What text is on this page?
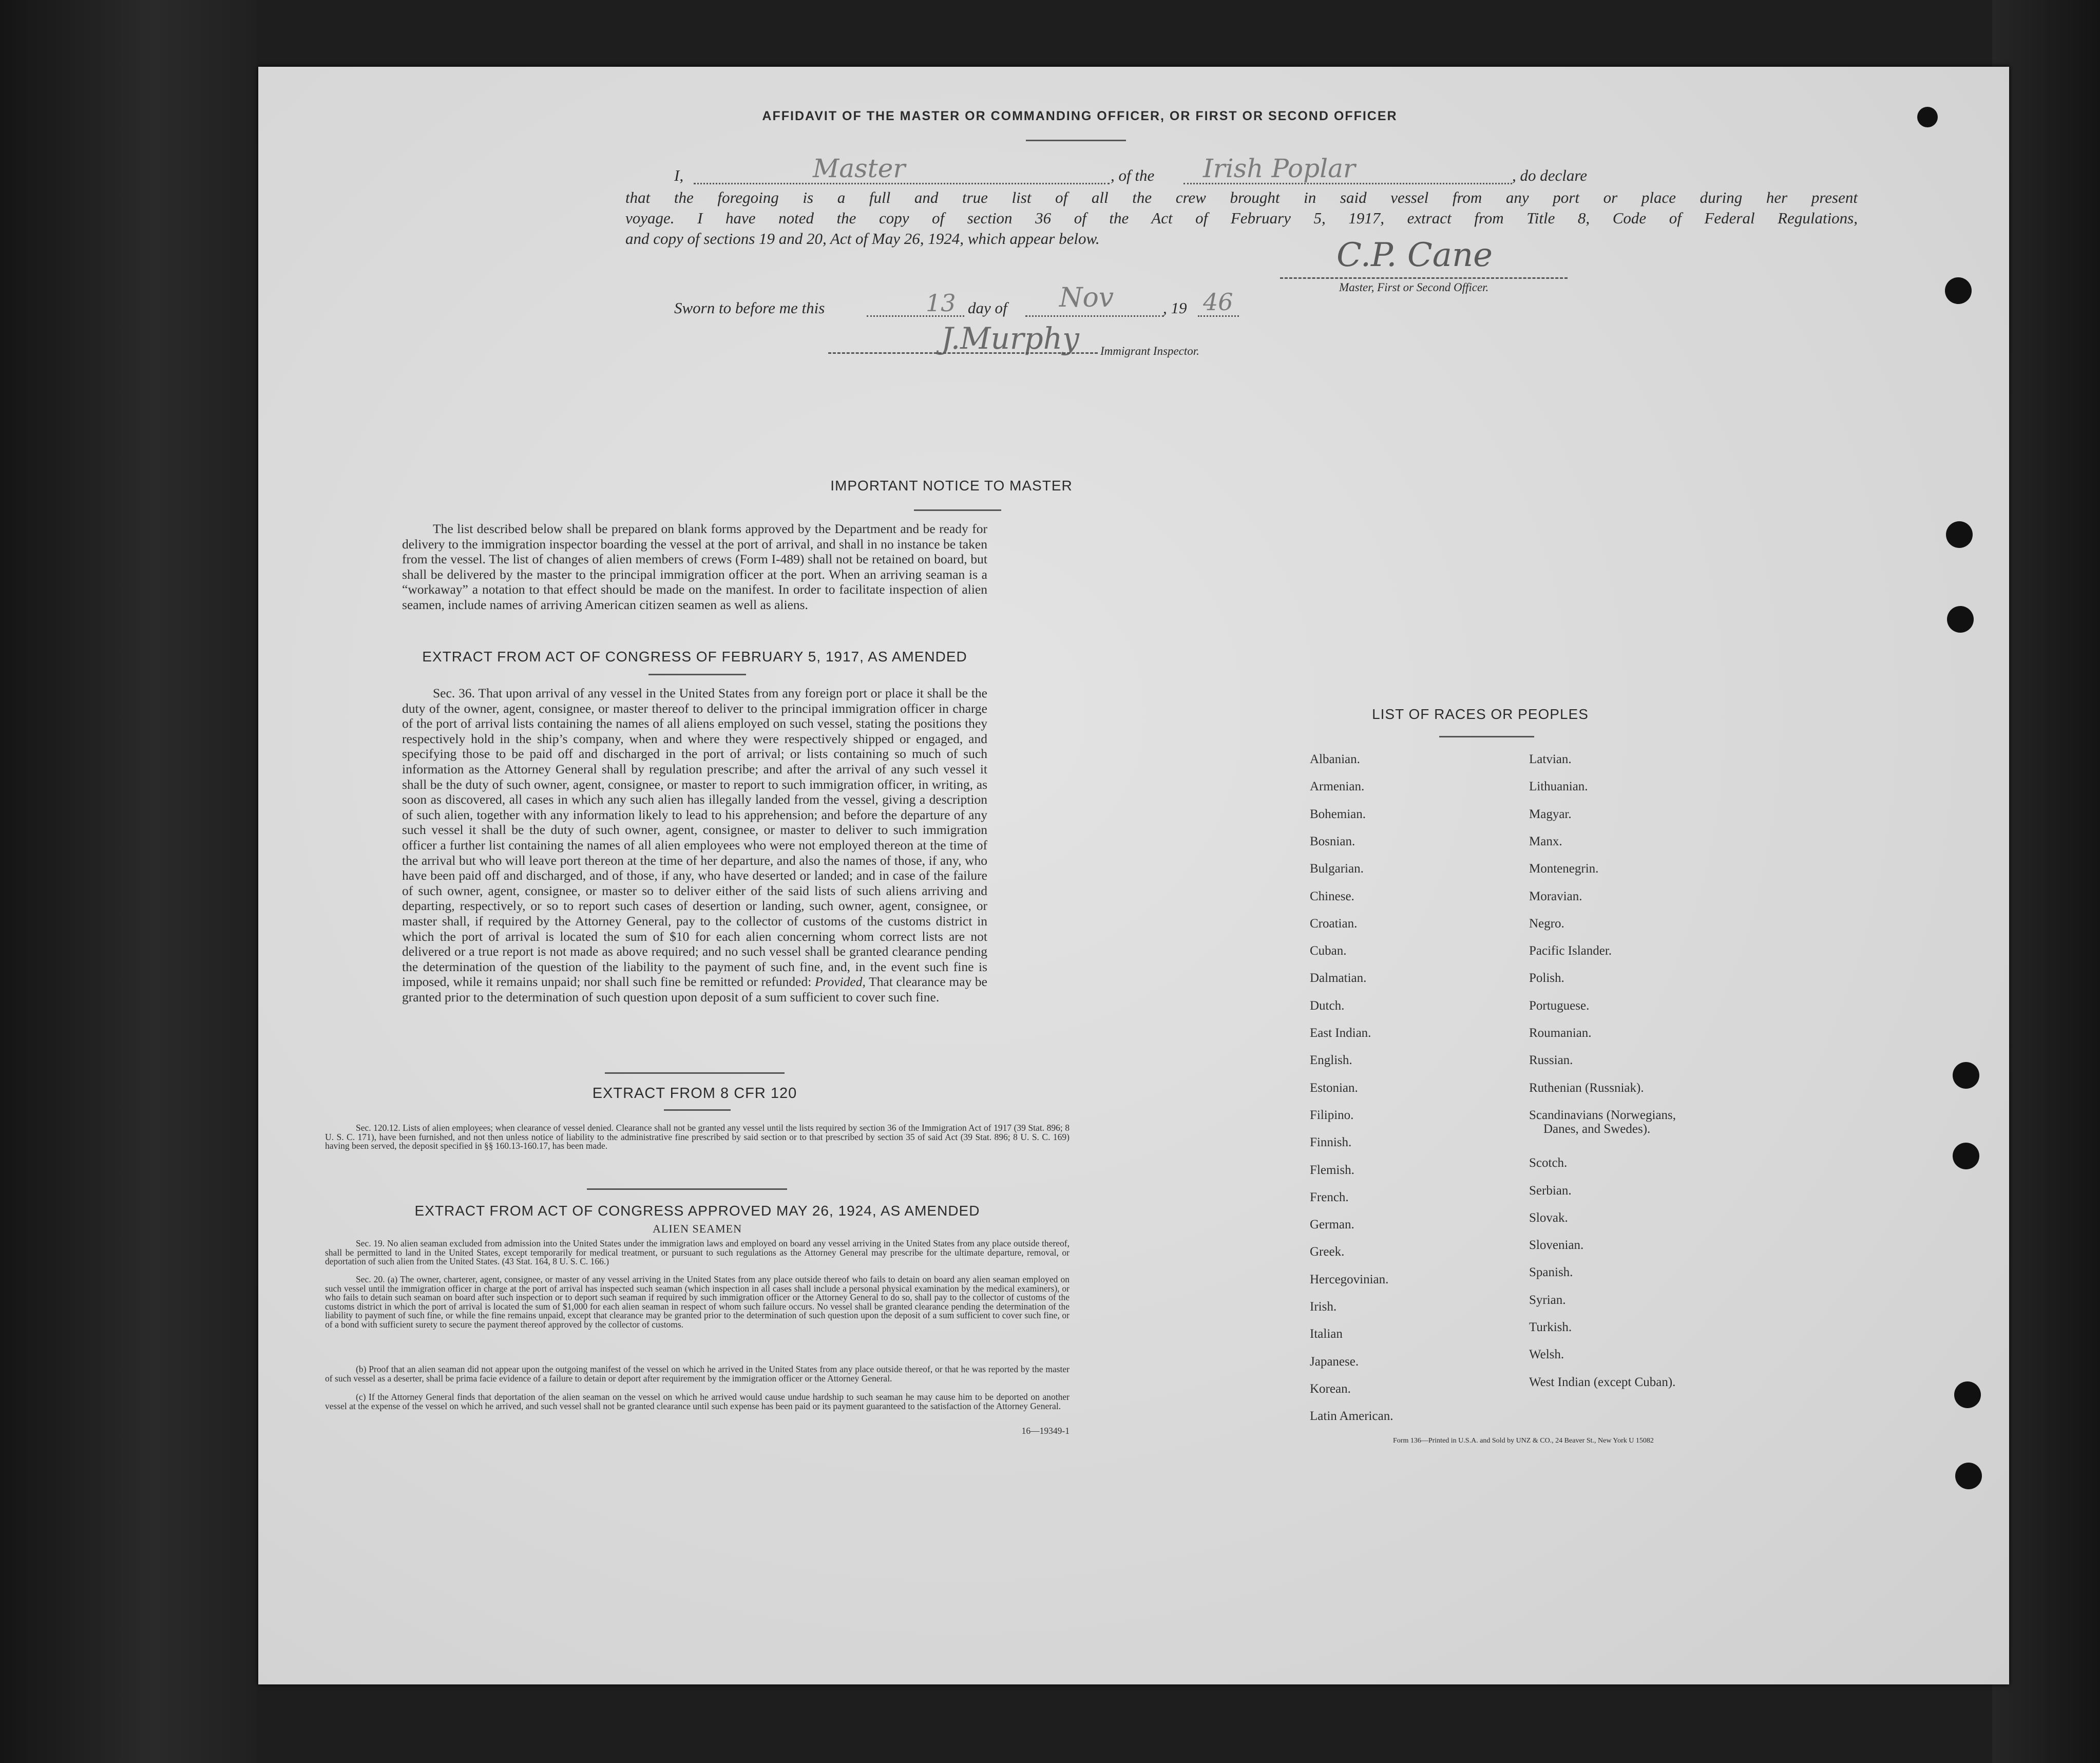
AFFIDAVIT OF THE MASTER OR COMMANDING OFFICER, OR FIRST OR SECOND OFFICER
I,	Master	, of the Irish Poplar	, do declare
that the foregoing is a full and true list of all the crew brought in said vessel from any port or place during her present
voyage. I have noted the copy of section 36 of the Act of February 5, 1917, extract from Title 8, Code of Federal Regulations,
and copy of sections 19 and 20, Act of May 26, 1924, which appear below.	C.P. Cane
Master, First or Second Officer.
Sworn to before me this	13 day of Nov	, 19 46
J.Murphy Immigrant Inspector.
IMPORTANT NOTICE TO MASTER
The list described below shall be prepared on blank forms approved by the Department and be ready for delivery to the immigration inspector boarding the vessel at the port of arrival, and shall in no instance be taken from the vessel. The list of changes of alien members of crews (Form I-489) shall not be retained on board, but shall be delivered by the master to the principal immigration officer at the port. When an arriving seaman is a “workaway” a notation to that effect should be made on the manifest. In order to facilitate inspection of alien seamen, include names of arriving American citizen seamen as well as aliens.
EXTRACT FROM ACT OF CONGRESS OF FEBRUARY 5, 1917, AS AMENDED
Sec. 36. That upon arrival of any vessel in the United States from any foreign port or place it shall be the duty of the owner, agent, consignee, or master thereof to deliver to the principal immigration officer in charge of the port of arrival lists containing the names of all aliens employed on such vessel, stating the positions they respectively hold in the ship’s company, when and where they were respectively shipped or engaged, and specifying those to be paid off and discharged in the port of arrival; or lists containing so much of such information as the Attorney General shall by regulation prescribe; and after the arrival of any such vessel it shall be the duty of such owner, agent, consignee, or master to report to such immigration officer, in writing, as soon as discovered, all cases in which any such alien has illegally landed from the vessel, giving a description of such alien, together with any information likely to lead to his apprehension; and before the departure of any such vessel it shall be the duty of such owner, agent, consignee, or master to deliver to such immigration officer a further list containing the names of all alien employees who were not employed thereon at the time of the arrival but who will leave port thereon at the time of her departure, and also the names of those, if any, who have been paid off and discharged, and of those, if any, who have deserted or landed; and in case of the failure of such owner, agent, consignee, or master so to deliver either of the said lists of such aliens arriving and departing, respectively, or so to report such cases of desertion or landing, such owner, agent, consignee, or master shall, if required by the Attorney General, pay to the collector of customs of the customs district in which the port of arrival is located the sum of $10 for each alien concerning whom correct lists are not delivered or a true report is not made as above required; and no such vessel shall be granted clearance pending the determination of the question of the liability to the payment of such fine, and, in the event such fine is imposed, while it remains unpaid; nor shall such fine be remitted or refunded: Provided, That clearance may be granted prior to the determination of such question upon deposit of a sum sufficient to cover such fine.
EXTRACT FROM 8 CFR 120
Sec. 120.12. Lists of alien employees; when clearance of vessel denied. Clearance shall not be granted any vessel until the lists required by section 36 of the Immigration Act of 1917 (39 Stat. 896; 8 U. S. C. 171), have been furnished, and not then unless notice of liability to the administrative fine prescribed by said section or to that prescribed by section 35 of said Act (39 Stat. 896; 8 U. S. C. 169) having been served, the deposit specified in §§ 160.13-160.17, has been made.
EXTRACT FROM ACT OF CONGRESS APPROVED MAY 26, 1924, AS AMENDED
ALIEN SEAMEN
Sec. 19. No alien seaman excluded from admission into the United States under the immigration laws and employed on board any vessel arriving in the United States from any place outside thereof, shall be permitted to land in the United States, except temporarily for medical treatment, or pursuant to such regulations as the Attorney General may prescribe for the ultimate departure, removal, or deportation of such alien from the United States. (43 Stat. 164, 8 U. S. C. 166.)
Sec. 20. (a) The owner, charterer, agent, consignee, or master of any vessel arriving in the United States from any place outside thereof who fails to detain on board any alien seaman employed on such vessel until the immigration officer in charge at the port of arrival has inspected such seaman (which inspection in all cases shall include a personal physical examination by the medical examiners), or who fails to detain such seaman on board after such inspection or to deport such seaman if required by such immigration officer or the Attorney General to do so, shall pay to the collector of customs of the customs district in which the port of arrival is located the sum of $1,000 for each alien seaman in respect of whom such failure occurs. No vessel shall be granted clearance pending the determination of the liability to payment of such fine, or while the fine remains unpaid, except that clearance may be granted prior to the determination of such question upon the deposit of a sum sufficient to cover such fine, or of a bond with sufficient surety to secure the payment thereof approved by the collector of customs.
(b) Proof that an alien seaman did not appear upon the outgoing manifest of the vessel on which he arrived in the United States from any place outside thereof, or that he was reported by the master of such vessel as a deserter, shall be prima facie evidence of a failure to detain or deport after requirement by the immigration officer or the Attorney General.
(c) If the Attorney General finds that deportation of the alien seaman on the vessel on which he arrived would cause undue hardship to such seaman he may cause him to be deported on another vessel at the expense of the vessel on which he arrived, and such vessel shall not be granted clearance until such expense has been paid or its payment guaranteed to the satisfaction of the Attorney General.
16—19349-1
LIST OF RACES OR PEOPLES
Albanian.
Armenian.
Bohemian.
Bosnian.
Bulgarian.
Chinese.
Croatian.
Cuban.
Dalmatian.
Dutch.
East Indian.
English.
Estonian.
Filipino.
Finnish.
Flemish.
French.
German.
Greek.
Hercegovinian.
Irish.
Italian
Japanese.
Korean.
Latin American.
Latvian.
Lithuanian.
Magyar.
Manx.
Montenegrin.
Moravian.
Negro.
Pacific Islander.
Polish.
Portuguese.
Roumanian.
Russian.
Ruthenian (Russniak).
Scandinavians (Norwegians,
Danes, and Swedes).
Scotch.
Serbian.
Slovak.
Slovenian.
Spanish.
Syrian.
Turkish.
Welsh.
West Indian (except Cuban).
Form 136—Printed in U.S.A. and Sold by UNZ & CO., 24 Beaver St., New York U 15082
